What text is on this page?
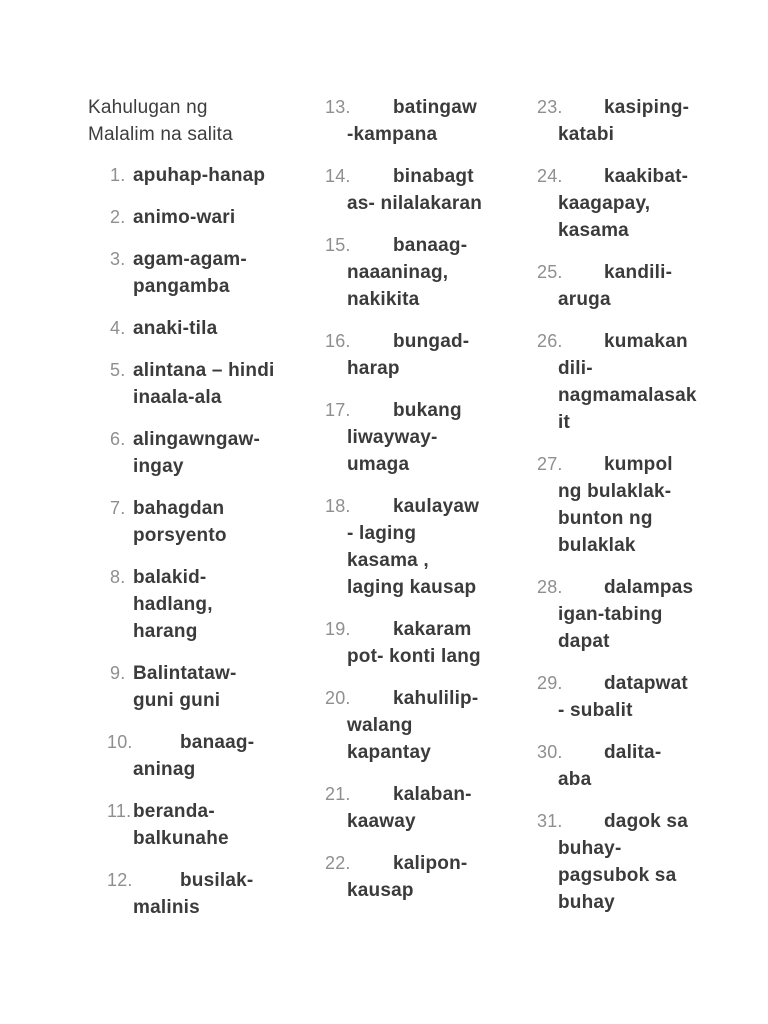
Kahulugan ng
Malalim na salita
1. apuhap-hanap
2. animo-wari
3. agam-agam-
pangamba
4. anaki-tila
5. alintana – hindi
inaala-ala
6. alingawngaw-
ingay
7. bahagdan
porsyento
8. balakid-
hadlang,
harang
9. Balintataw-
guni guni
10.	banaag-
aninag
11. beranda-
balkunahe
12.	busilak-
malinis
13.	batingaw
-kampana
14.	binabagt
as- nilalakaran
15.	banaag-
naaaninag,
nakikita
16.	bungad-
harap
17.	bukang
liwayway-
umaga
18.	kaulayaw
- laging
kasama ,
laging kausap
19.	kakaram
pot- konti lang
20.	kahulilip-
walang
kapantay
21.	kalaban-
kaaway
22.	kalipon-
kausap
23.	kasiping-
katabi
24.	kaakibat-
kaagapay,
kasama
25.	kandili-
aruga
26.	kumakan
dili-
nagmamalasak
it
27.	kumpol
ng bulaklak-
bunton ng
bulaklak
28.	dalampas
igan-tabing
dapat
29.	datapwat
- subalit
30.	dalita-
aba
31.	dagok sa
buhay-
pagsubok sa
buhay
